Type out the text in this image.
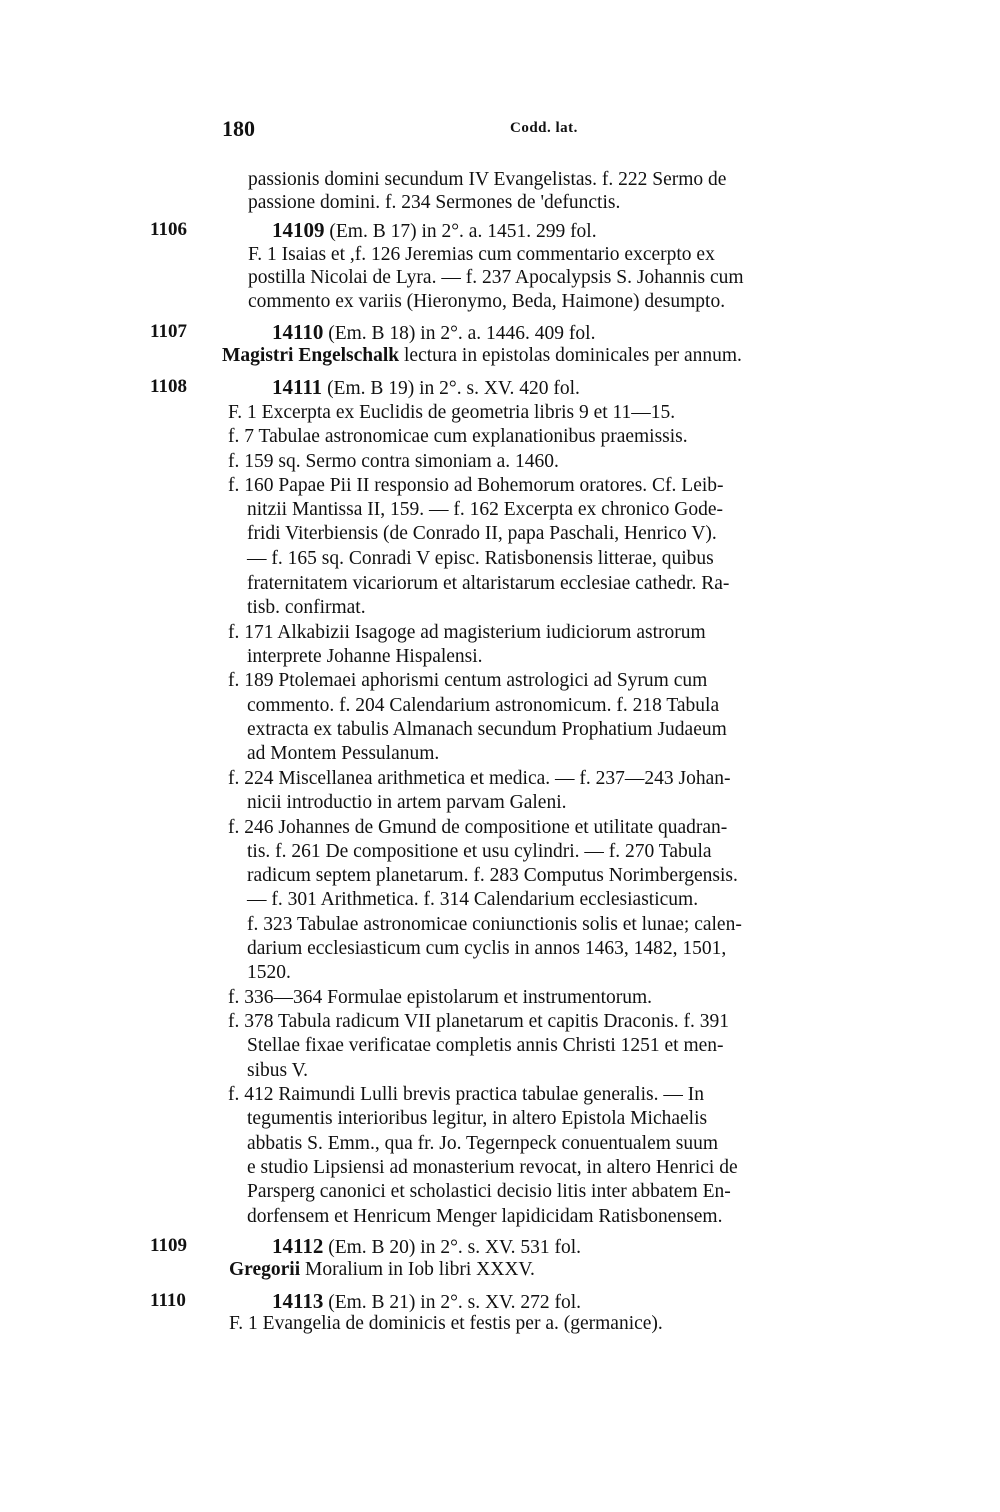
180	Codd. lat.
passionis domini secundum IV Evangelistas. f. 222 Sermo de
passione domini. f. 234 Sermones de 'defunctis.
1106	14109 (Em. B 17) in 2°. a. 1451. 299 fol.
F. 1 Isaias et ,f. 126 Jeremias cum commentario excerpto ex
postilla Nicolai de Lyra. — f. 237 Apocalypsis S. Johannis cum
commento ex variis (Hieronymo, Beda, Haimone) desumpto.
1107	14110 (Em. B 18) in 2°. a. 1446. 409 fol.
Magistri Engelschalk lectura in epistolas dominicales per annum.
1108	14111 (Em. B 19) in 2°. s. XV. 420 fol.
F. 1 Excerpta ex Euclidis de geometria libris 9 et 11—15.
f. 7 Tabulae astronomicae cum explanationibus praemissis.
f. 159 sq. Sermo contra simoniam a. 1460.
f. 160 Papae Pii II responsio ad Bohemorum oratores. Cf. Leib-
nitzii Mantissa II, 159. — f. 162 Excerpta ex chronico Gode-
fridi Viterbiensis (de Conrado II, papa Paschali, Henrico V).
— f. 165 sq. Conradi V episc. Ratisbonensis litterae, quibus
fraternitatem vicariorum et altaristarum ecclesiae cathedr. Ra-
tisb. confirmat.
f. 171 Alkabizii Isagoge ad magisterium iudiciorum astrorum
interprete Johanne Hispalensi.
f. 189 Ptolemaei aphorismi centum astrologici ad Syrum cum
commento. f. 204 Calendarium astronomicum. f. 218 Tabula
extracta ex tabulis Almanach secundum Prophatium Judaeum
ad Montem Pessulanum.
f. 224 Miscellanea arithmetica et medica. — f. 237—243 Johan-
nicii introductio in artem parvam Galeni.
f. 246 Johannes de Gmund de compositione et utilitate quadran-
tis. f. 261 De compositione et usu cylindri. — f. 270 Tabula
radicum septem planetarum. f. 283 Computus Norimbergensis.
— f. 301 Arithmetica. f. 314 Calendarium ecclesiasticum.
f. 323 Tabulae astronomicae coniunctionis solis et lunae; calen-
darium ecclesiasticum cum cyclis in annos 1463, 1482, 1501,
1520.
f. 336—364 Formulae epistolarum et instrumentorum.
f. 378 Tabula radicum VII planetarum et capitis Draconis. f. 391
Stellae fixae verificatae completis annis Christi 1251 et men-
sibus V.
f. 412 Raimundi Lulli brevis practica tabulae generalis. — In
tegumentis interioribus legitur, in altero Epistola Michaelis
abbatis S. Emm., qua fr. Jo. Tegernpeck conuentualem suum
e studio Lipsiensi ad monasterium revocat, in altero Henrici de
Parsperg canonici et scholastici decisio litis inter abbatem En-
dorfensem et Henricum Menger lapidicidam Ratisbonensem.
1109	14112 (Em. B 20) in 2°. s. XV. 531 fol.
Gregorii Moralium in Iob libri XXXV.
1110	14113 (Em. B 21) in 2°. s. XV. 272 fol.
F. 1 Evangelia de dominicis et festis per a. (germanice).
